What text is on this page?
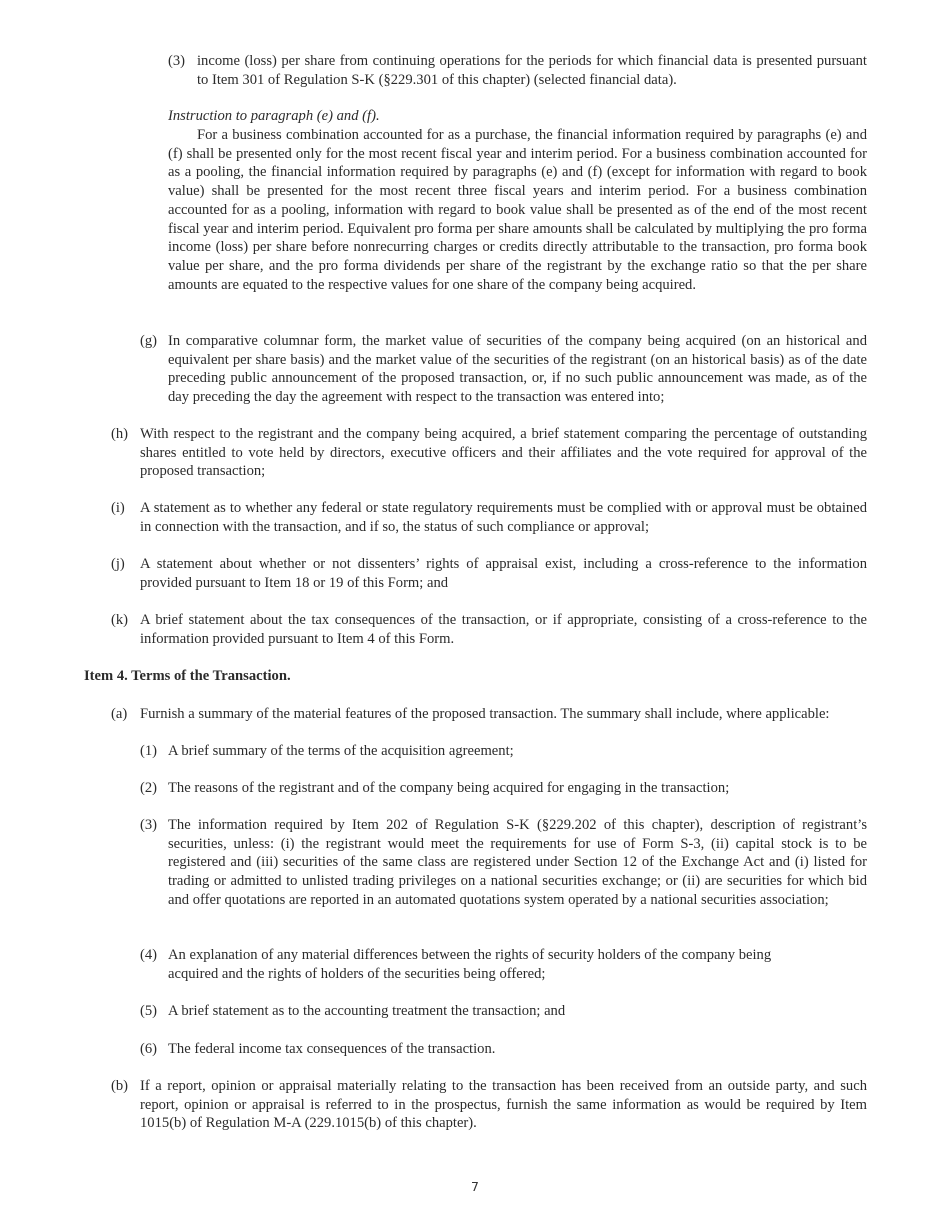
(3) income (loss) per share from continuing operations for the periods for which financial data is presented pursuant to Item 301 of Regulation S-K (§229.301 of this chapter) (selected financial data).
Instruction to paragraph (e) and (f).
For a business combination accounted for as a purchase, the financial information required by paragraphs (e) and (f) shall be presented only for the most recent fiscal year and interim period. For a business combination accounted for as a pooling, the financial information required by paragraphs (e) and (f) (except for information with regard to book value) shall be presented for the most recent three fiscal years and interim period. For a business combination accounted for as a pooling, information with regard to book value shall be presented as of the end of the most recent fiscal year and interim period. Equivalent pro forma per share amounts shall be calculated by multiplying the pro forma income (loss) per share before nonrecurring charges or credits directly attributable to the transaction, pro forma book value per share, and the pro forma dividends per share of the registrant by the exchange ratio so that the per share amounts are equated to the respective values for one share of the company being acquired.
(g) In comparative columnar form, the market value of securities of the company being acquired (on an historical and equivalent per share basis) and the market value of the securities of the registrant (on an historical basis) as of the date preceding public announcement of the proposed transaction, or, if no such public announcement was made, as of the day preceding the day the agreement with respect to the transaction was entered into;
(h) With respect to the registrant and the company being acquired, a brief statement comparing the percentage of outstanding shares entitled to vote held by directors, executive officers and their affiliates and the vote required for approval of the proposed transaction;
(i) A statement as to whether any federal or state regulatory requirements must be complied with or approval must be obtained in connection with the transaction, and if so, the status of such compliance or approval;
(j) A statement about whether or not dissenters’ rights of appraisal exist, including a cross-reference to the information provided pursuant to Item 18 or 19 of this Form; and
(k) A brief statement about the tax consequences of the transaction, or if appropriate, consisting of a cross-reference to the information provided pursuant to Item 4 of this Form.
Item 4. Terms of the Transaction.
(a) Furnish a summary of the material features of the proposed transaction. The summary shall include, where applicable:
(1) A brief summary of the terms of the acquisition agreement;
(2) The reasons of the registrant and of the company being acquired for engaging in the transaction;
(3) The information required by Item 202 of Regulation S-K (§229.202 of this chapter), description of registrant’s securities, unless: (i) the registrant would meet the requirements for use of Form S-3, (ii) capital stock is to be registered and (iii) securities of the same class are registered under Section 12 of the Exchange Act and (i) listed for trading or admitted to unlisted trading privileges on a national securities exchange; or (ii) are securities for which bid and offer quotations are reported in an automated quotations system operated by a national securities association;
(4) An explanation of any material differences between the rights of security holders of the company being acquired and the rights of holders of the securities being offered;
(5) A brief statement as to the accounting treatment the transaction; and
(6) The federal income tax consequences of the transaction.
(b) If a report, opinion or appraisal materially relating to the transaction has been received from an outside party, and such report, opinion or appraisal is referred to in the prospectus, furnish the same information as would be required by Item 1015(b) of Regulation M-A (229.1015(b) of this chapter).
7
